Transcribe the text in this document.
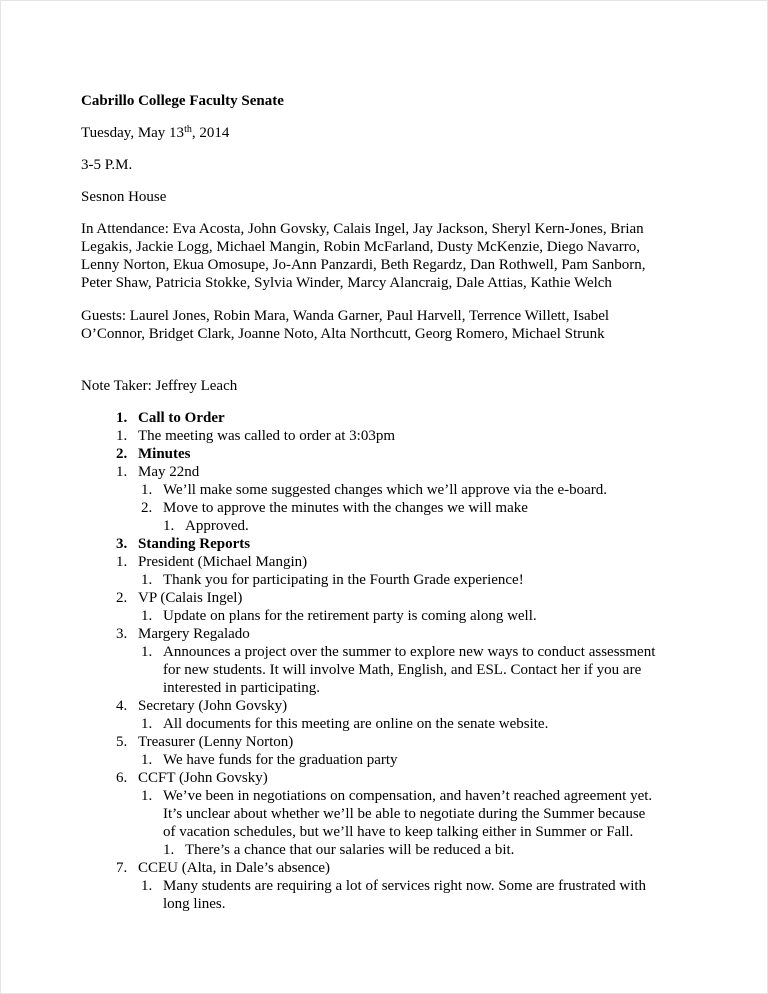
Cabrillo College Faculty Senate
Tuesday, May 13th, 2014
3-5 P.M.
Sesnon House
In Attendance: Eva Acosta, John Govsky, Calais Ingel, Jay Jackson, Sheryl Kern-Jones, Brian
Legakis, Jackie Logg, Michael Mangin, Robin McFarland, Dusty McKenzie, Diego Navarro,
Lenny Norton, Ekua Omosupe, Jo-Ann Panzardi, Beth Regardz, Dan Rothwell, Pam Sanborn,
Peter Shaw, Patricia Stokke, Sylvia Winder, Marcy Alancraig, Dale Attias, Kathie Welch
Guests: Laurel Jones, Robin Mara, Wanda Garner, Paul Harvell, Terrence Willett, Isabel
O’Connor, Bridget Clark, Joanne Noto, Alta Northcutt, Georg Romero, Michael Strunk
Note Taker: Jeffrey Leach
1. Call to Order
1. The meeting was called to order at 3:03pm
2. Minutes
1. May 22nd
1. We’ll make some suggested changes which we’ll approve via the e-board.
2. Move to approve the minutes with the changes we will make
1. Approved.
3. Standing Reports
1. President (Michael Mangin)
1. Thank you for participating in the Fourth Grade experience!
2. VP (Calais Ingel)
1. Update on plans for the retirement party is coming along well.
3. Margery Regalado
1. Announces a project over the summer to explore new ways to conduct assessment
for new students. It will involve Math, English, and ESL. Contact her if you are
interested in participating.
4. Secretary (John Govsky)
1. All documents for this meeting are online on the senate website.
5. Treasurer (Lenny Norton)
1. We have funds for the graduation party
6. CCFT (John Govsky)
1. We’ve been in negotiations on compensation, and haven’t reached agreement yet.
It’s unclear about whether we’ll be able to negotiate during the Summer because
of vacation schedules, but we’ll have to keep talking either in Summer or Fall.
1. There’s a chance that our salaries will be reduced a bit.
7. CCEU (Alta, in Dale’s absence)
1. Many students are requiring a lot of services right now. Some are frustrated with
long lines.
